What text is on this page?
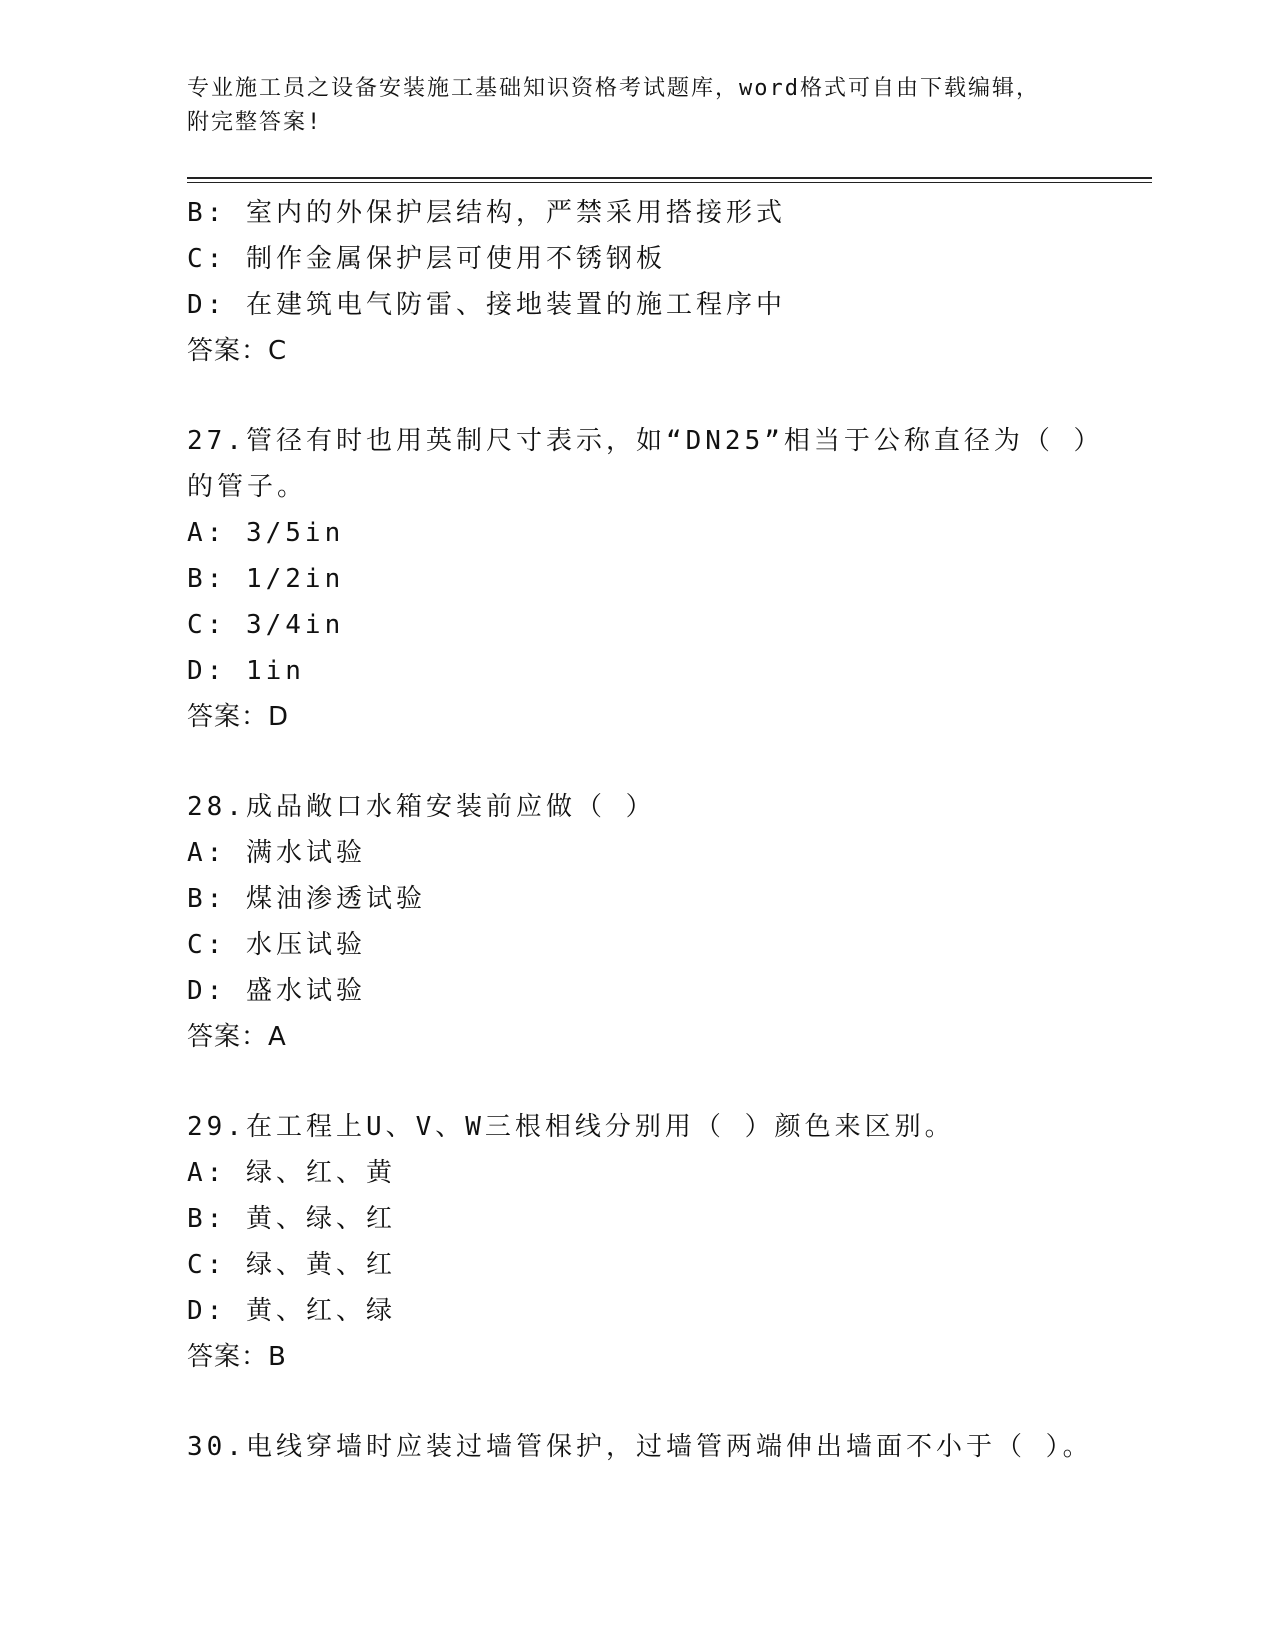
专业施工员之设备安装施工基础知识资格考试题库，word格式可自由下载编辑，
附完整答案!
B: 室内的外保护层结构，严禁采用搭接形式
C: 制作金属保护层可使用不锈钢板
D: 在建筑电气防雷、接地装置的施工程序中
答案：C
27.管径有时也用英制尺寸表示，如“DN25”相当于公称直径为（ ）
的管子。
A: 3/5in
B: 1/2in
C: 3/4in
D: 1in
答案：D
28.成品敞口水箱安装前应做（ ）
A: 满水试验
B: 煤油渗透试验
C: 水压试验
D: 盛水试验
答案：A
29.在工程上U、V、W三根相线分别用（ ）颜色来区别。
A: 绿、红、黄
B: 黄、绿、红
C: 绿、黄、红
D: 黄、红、绿
答案：B
30.电线穿墙时应装过墙管保护，过墙管两端伸出墙面不小于（ ）。
